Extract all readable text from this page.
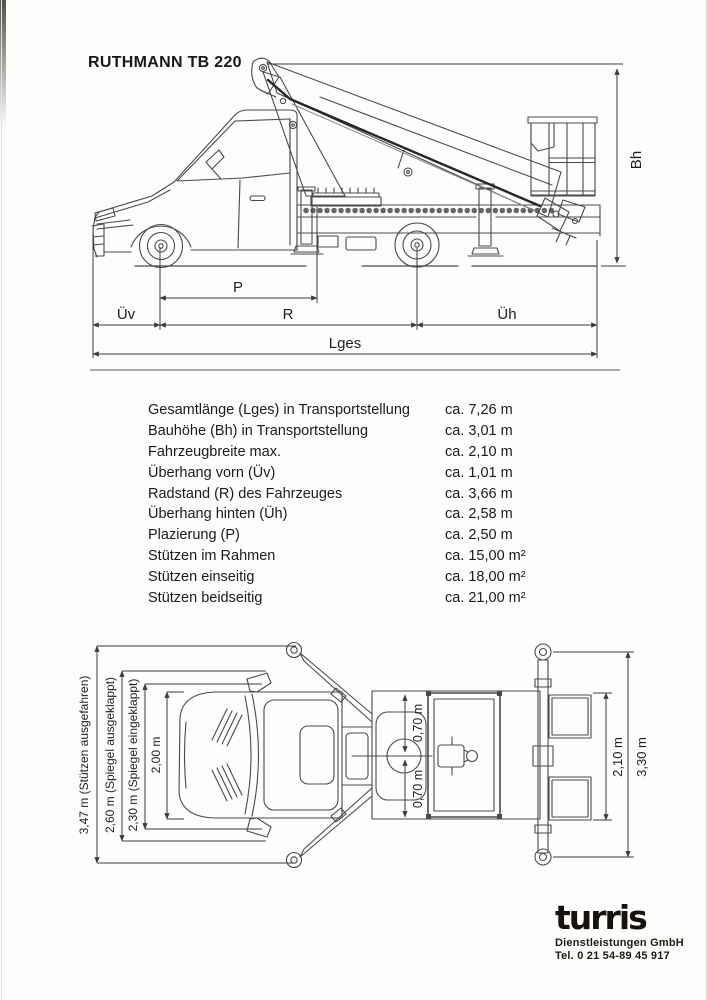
RUTHMANN TB 220
P
Üv	R	Üh
Lges
Bh
Gesamtlänge (Lges) in Transportstellung	ca. 7,26 m
Bauhöhe (Bh) in Transportstellung	ca. 3,01 m
Fahrzeugbreite max.	ca. 2,10 m
Überhang vorn (Üv)	ca. 1,01 m
Radstand (R) des Fahrzeuges	ca. 3,66 m
Überhang hinten (Üh)	ca. 2,58 m
Plazierung (P)	ca. 2,50 m
Stützen im Rahmen	ca. 15,00 m²
Stützen einseitig	ca. 18,00 m²
Stützen beidseitig	ca. 21,00 m²
3,47 m (Stützen ausgefahren) 2,60 m (Spiegel ausgeklappt) 2,30 m (Spiegel eingeklappt) 2,00 m
0,70 m
0,70 m
2,10 m 3,30 m
turris
Dienstleistungen GmbH
Tel. 0 21 54-89 45 917
